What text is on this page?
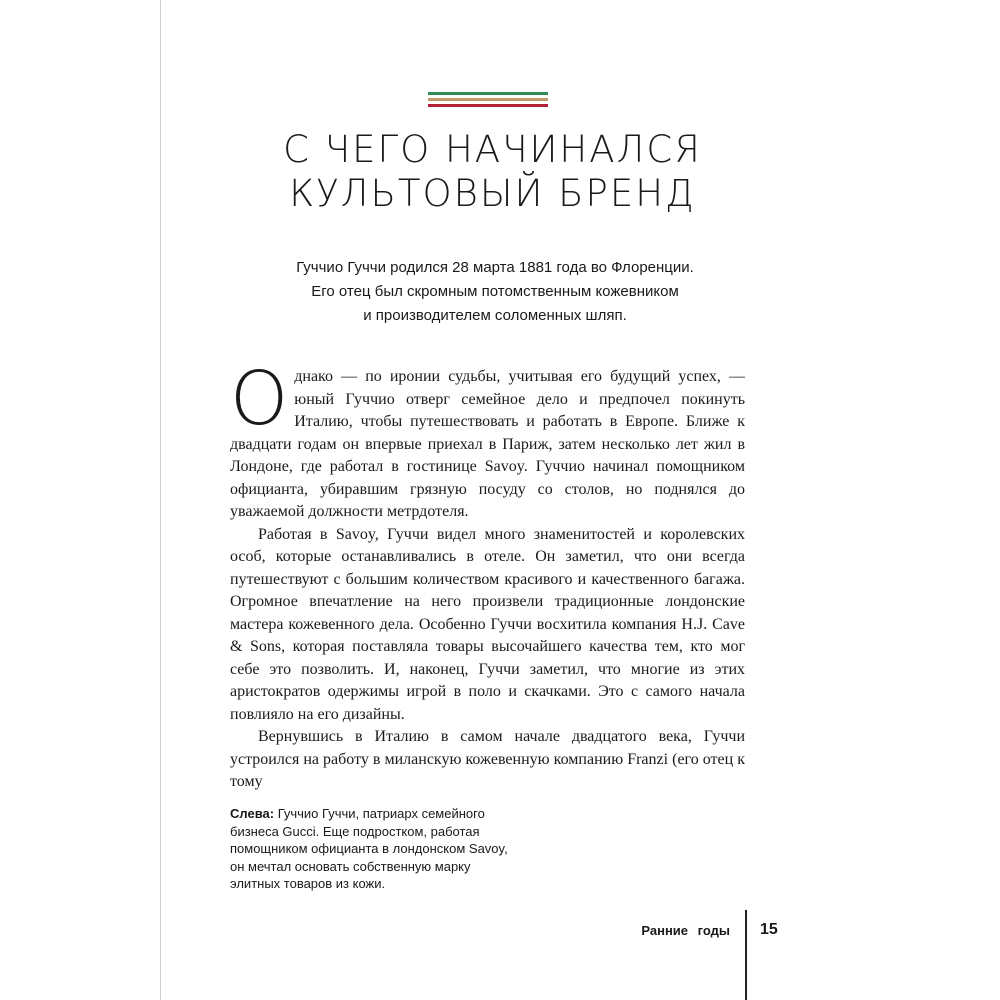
С ЧЕГО НАЧИНАЛСЯ
КУЛЬТОВЫЙ БРЕНД
Гуччио Гуччи родился 28 марта 1881 года во Флоренции.
Его отец был скромным потомственным кожевником
и производителем соломенных шляп.

Однако — по иронии судьбы, учитывая его будущий успех, — юный Гуччио отверг семейное дело и предпочел покинуть Италию, чтобы путешествовать и работать в Европе. Ближе к двадцати годам он впервые приехал в Париж, затем несколько лет жил в Лондоне, где работал в гостинице Savoy. Гуччио начинал помощником официанта, убиравшим грязную посуду со столов, но поднялся до уважаемой должности метрдотеля.

Работая в Savoy, Гуччи видел много знаменитостей и королевских особ, которые останавливались в отеле. Он заметил, что они всегда путешествуют с большим количеством красивого и качественного багажа. Огромное впечатление на него произвели традиционные лондонские мастера кожевенного дела. Особенно Гуччи восхитила компания H.J. Cave & Sons, которая поставляла товары высочайшего качества тем, кто мог себе это позволить. И, наконец, Гуччи заметил, что многие из этих аристократов одержимы игрой в поло и скачками. Это с самого начала повлияло на его дизайны.

Вернувшись в Италию в самом начале двадцатого века, Гуччи устроился на работу в миланскую кожевенную компанию Franzi (его отец к тому

Слева: Гуччио Гуччи, патриарх семейного бизнеса Gucci. Еще подростком, работая помощником официанта в лондонском Savoy, он мечтал основать собственную марку элитных товаров из кожи.
Ранние годы 15
